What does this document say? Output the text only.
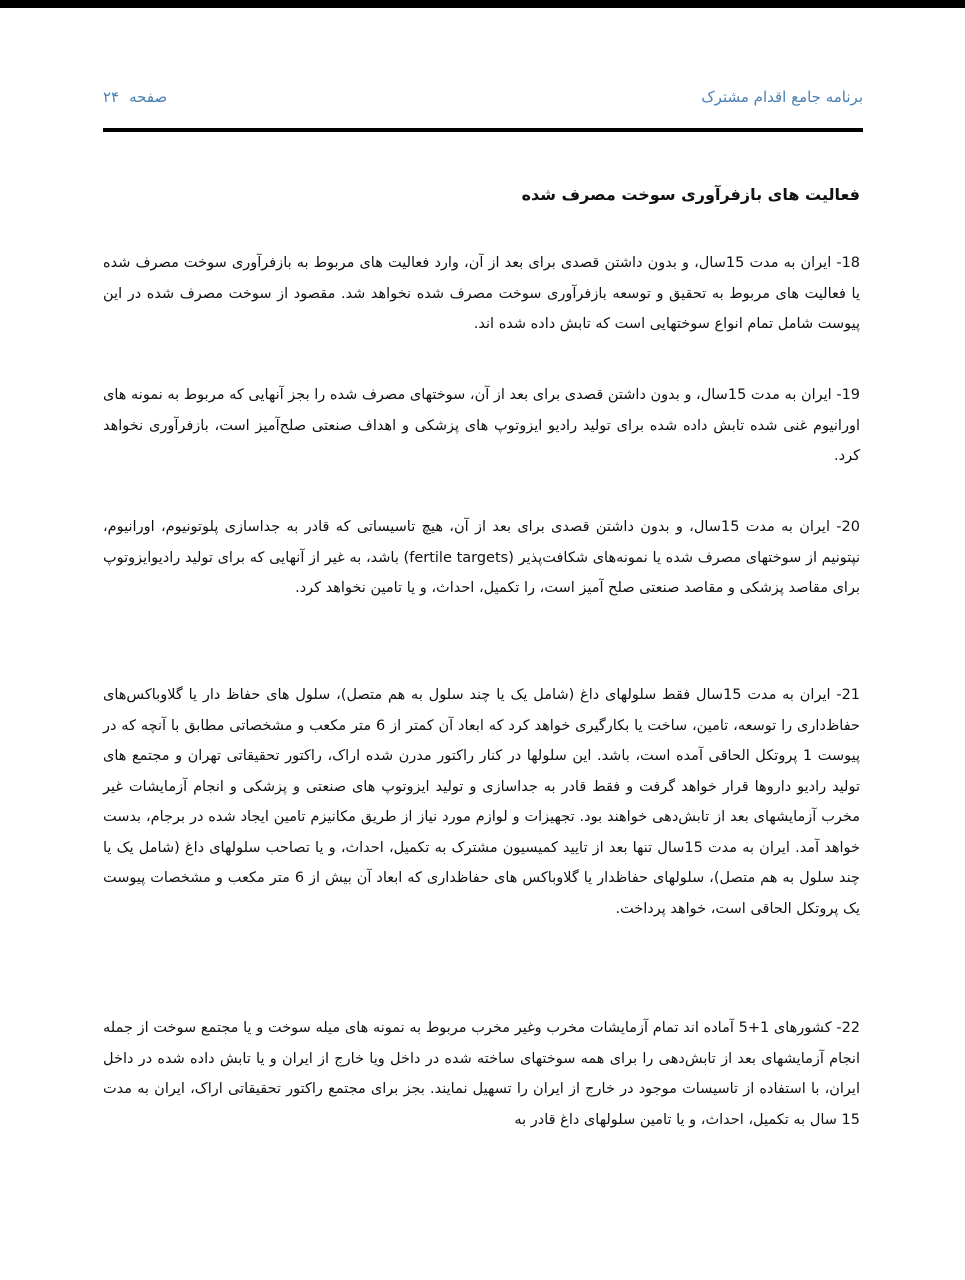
برنامه جامع اقدام مشترک
صفحه
۲۴
فعالیت های بازفرآوری سوخت مصرف شده

18- ایران به مدت 15سال، و بدون داشتن قصدی برای بعد از آن، وارد فعالیت های مربوط به بازفرآوری سوخت مصرف شده یا فعالیت های مربوط به تحقیق و توسعه بازفرآوری سوخت مصرف شده نخواهد شد. مقصود از سوخت مصرف شده در این پیوست شامل تمام انواع سوختهایی است که تابش داده شده اند.

19- ایران به مدت 15سال، و بدون داشتن قصدی برای بعد از آن، سوختهای مصرف شده را بجز آنهایی که مربوط به نمونه های اورانیوم غنی شده تابش داده شده برای تولید رادیو ایزوتوپ های پزشکی و اهداف صنعتی صلح‌آمیز است، بازفرآوری نخواهد کرد.

20- ایران به مدت 15سال، و بدون داشتن قصدی برای بعد از آن، هیچ تاسیساتی که قادر به جداسازی پلوتونیوم، اورانیوم، نپتونیم از سوختهای مصرف شده یا نمونه‌های شکافت‌پذیر (fertile targets) باشد، به غیر از آنهایی که برای تولید رادیوایزوتوپ برای مقاصد پزشکی و مقاصد صنعتی صلح آمیز است، را تکمیل، احداث، و یا تامین نخواهد کرد.

21- ایران به مدت 15سال فقط سلولهای داغ (شامل یک یا چند سلول به هم متصل)، سلول های حفاظ دار یا گلاوباکس‌های حفاظ‌داری را توسعه، تامین، ساخت یا بکارگیری خواهد کرد که ابعاد آن کمتر از 6 متر مکعب و مشخصاتی مطابق با آنچه که در پیوست 1 پروتکل الحاقی آمده است، باشد. این سلولها در کنار راکتور مدرن شده اراک، راکتور تحقیقاتی تهران و مجتمع های تولید رادیو داروها قرار خواهد گرفت و فقط قادر به جداسازی و تولید ایزوتوپ های صنعتی و پزشکی و انجام آزمایشات غیر مخرب آزمایشهای بعد از تابش‌دهی خواهند بود. تجهیزات و لوازم مورد نیاز از طریق مکانیزم تامین ایجاد شده در برجام، بدست خواهد آمد. ایران به مدت 15سال تنها بعد از تایید کمیسیون مشترک به تکمیل، احداث، و یا تصاحب سلولهای داغ (شامل یک یا چند سلول به هم متصل)، سلولهای حفاظدار یا گلاوباکس های حفاظداری که ابعاد آن بیش از 6 متر مکعب و مشخصات پیوست یک پروتکل الحاقی است، خواهد پرداخت.

22- کشورهای 1+5 آماده اند تمام آزمایشات مخرب وغیر مخرب مربوط به نمونه های میله سوخت و یا مجتمع سوخت از جمله انجام آزمایشهای بعد از تابش‌دهی را برای همه سوختهای ساخته شده در داخل ویا خارج از ایران و یا تابش داده شده در داخل ایران، با استفاده از تاسیسات موجود در خارج از ایران را تسهیل نمایند. بجز برای مجتمع راکتور تحقیقاتی اراک، ایران به مدت 15 سال به تکمیل، احداث، و یا تامین سلولهای داغ قادر به
